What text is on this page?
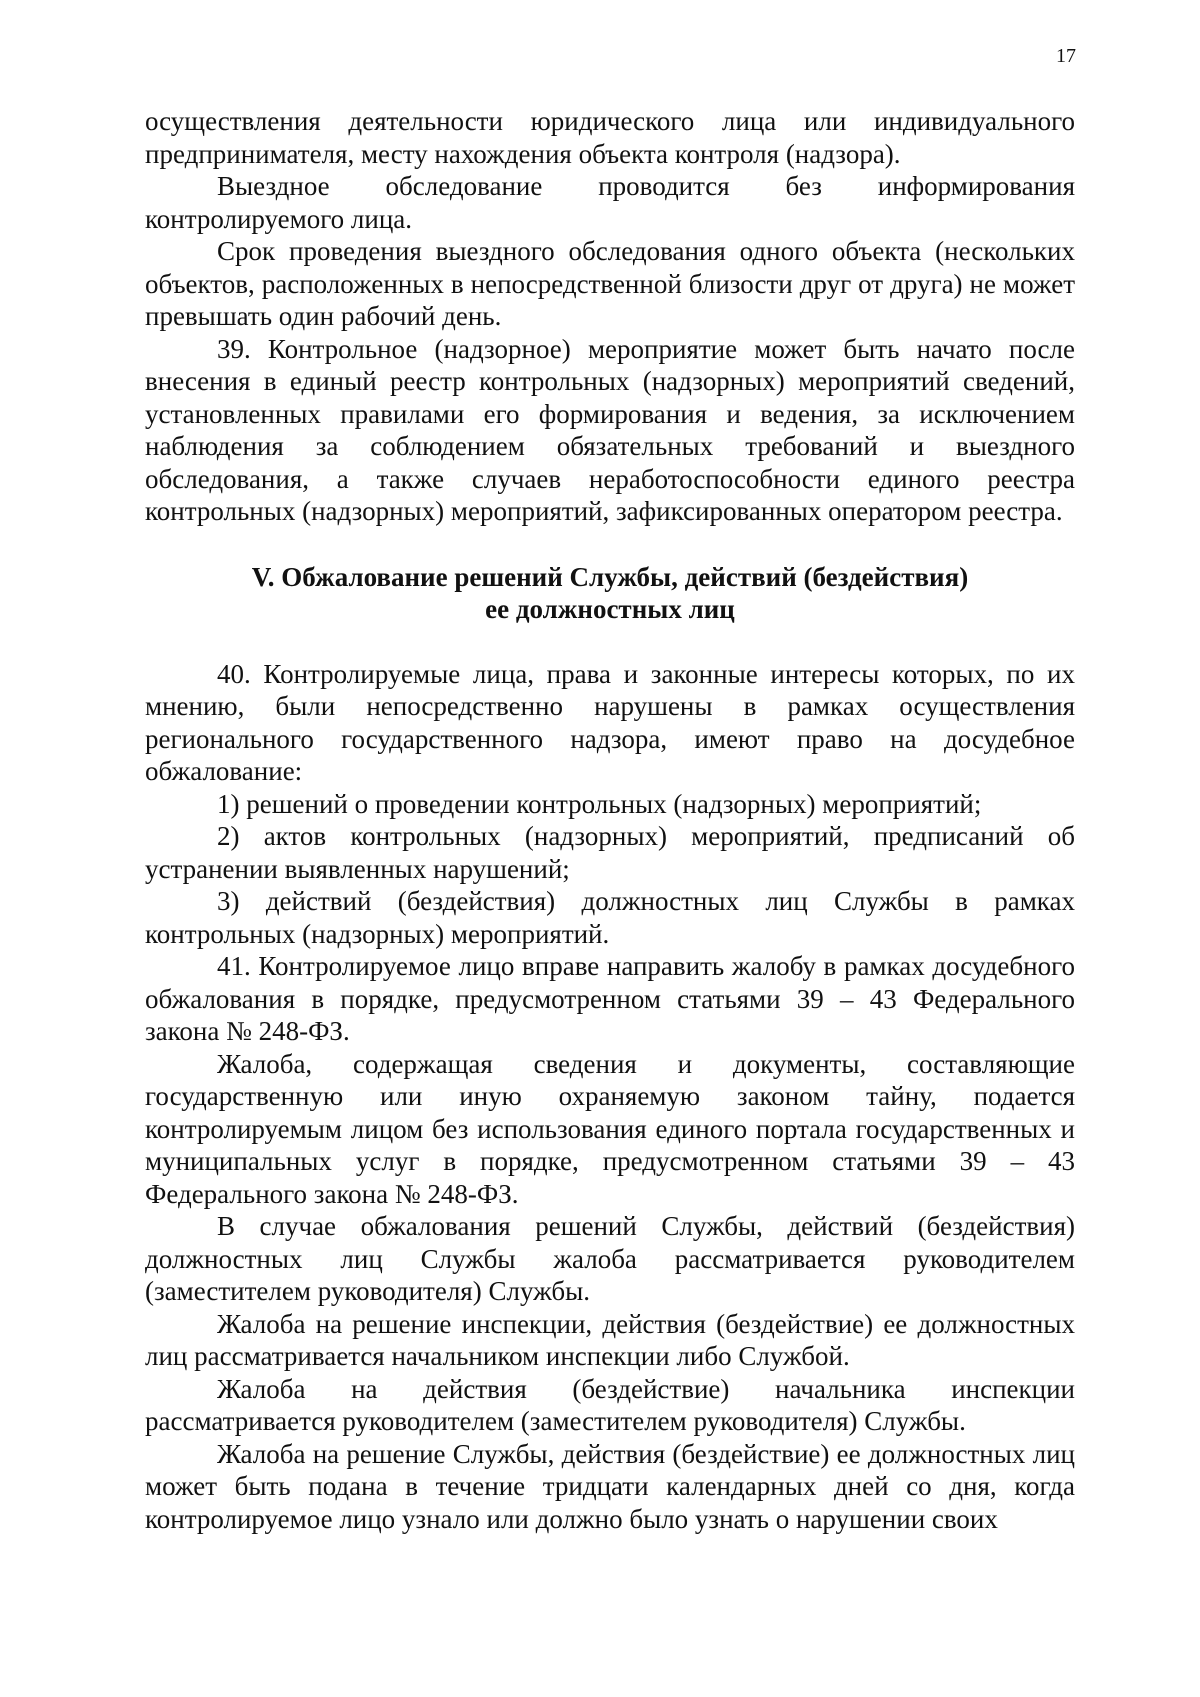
17

осуществления деятельности юридического лица или индивидуального предпринимателя, месту нахождения объекта контроля (надзора).

Выездное обследование проводится без информирования контролируемого лица.

Срок проведения выездного обследования одного объекта (нескольких объектов, расположенных в непосредственной близости друг от друга) не может превышать один рабочий день.

39. Контрольное (надзорное) мероприятие может быть начато после внесения в единый реестр контрольных (надзорных) мероприятий сведений, установленных правилами его формирования и ведения, за исключением наблюдения за соблюдением обязательных требований и выездного обследования, а также случаев неработоспособности единого реестра контрольных (надзорных) мероприятий, зафиксированных оператором реестра.

V. Обжалование решений Службы, действий (бездействия)
ее должностных лиц

40. Контролируемые лица, права и законные интересы которых, по их мнению, были непосредственно нарушены в рамках осуществления регионального государственного надзора, имеют право на досудебное обжалование:

1) решений о проведении контрольных (надзорных) мероприятий;

2) актов контрольных (надзорных) мероприятий, предписаний об устранении выявленных нарушений;

3) действий (бездействия) должностных лиц Службы в рамках контрольных (надзорных) мероприятий.

41. Контролируемое лицо вправе направить жалобу в рамках досудебного обжалования в порядке, предусмотренном статьями 39 – 43 Федерального закона № 248-ФЗ.

Жалоба, содержащая сведения и документы, составляющие государственную или иную охраняемую законом тайну, подается контролируемым лицом без использования единого портала государственных и муниципальных услуг в порядке, предусмотренном статьями 39 – 43 Федерального закона № 248-ФЗ.

В случае обжалования решений Службы, действий (бездействия) должностных лиц Службы жалоба рассматривается руководителем (заместителем руководителя) Службы.

Жалоба на решение инспекции, действия (бездействие) ее должностных лиц рассматривается начальником инспекции либо Службой.

Жалоба на действия (бездействие) начальника инспекции рассматривается руководителем (заместителем руководителя) Службы.

Жалоба на решение Службы, действия (бездействие) ее должностных лиц может быть подана в течение тридцати календарных дней со дня, когда контролируемое лицо узнало или должно было узнать о нарушении своих
